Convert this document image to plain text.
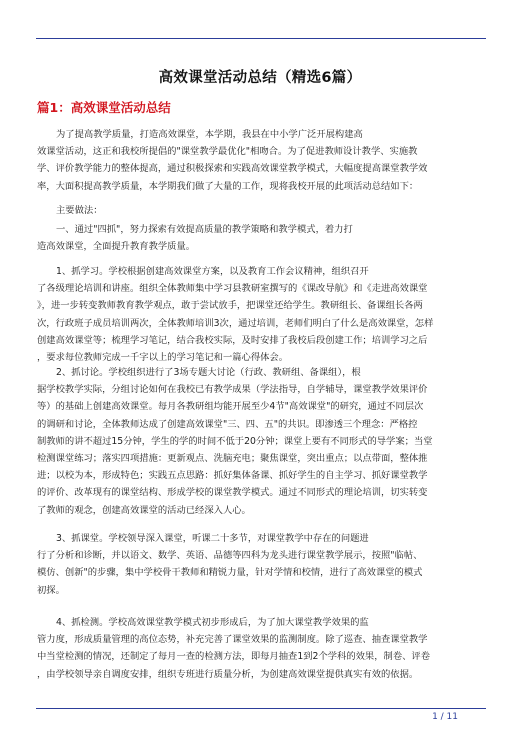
高效课堂活动总结（精选6篇）
篇1：高效课堂活动总结
为了提高教学质量，打造高效课堂，本学期，我县在中小学广泛开展构建高
效课堂活动，这正和我校所提倡的"课堂教学最优化"相吻合。为了促进教师设计教学、实施教
学、评价教学能力的整体提高，通过积极探索和实践高效课堂教学模式，大幅度提高课堂教学效
率，大面积提高教学质量，本学期我们做了大量的工作，现将我校开展的此项活动总结如下：
主要做法：
一、通过"四抓"，努力探索有效提高质量的教学策略和教学模式，着力打
造高效课堂，全面提升教育教学质量。
1、抓学习。学校根据创建高效课堂方案，以及教育工作会议精神，组织召开
了各级理论培训和讲座。组织全体教师集中学习县教研室撰写的《课改导航》和《走进高效课堂
》，进一步转变教师教育教学观点，敢于尝试放手，把课堂还给学生。教研组长、备课组长各两
次，行政班子成员培训两次，全体教师培训3次，通过培训，老师们明白了什么是高效课堂，怎样
创建高效课堂等；梳理学习笔记，结合我校实际，及时安排了我校后段创建工作；培训学习之后
，要求每位教师完成一千字以上的学习笔记和一篇心得体会。
2、抓讨论。学校组织进行了3场专题大讨论（行政、教研组、备课组），根
据学校教学实际，分组讨论如何在我校已有教学成果（学法指导，自学辅导，课堂教学效果评价
等）的基础上创建高效课堂。每月各教研组均能开展至少4节"高效课堂"的研究，通过不同层次
的调研和讨论，全体教师达成了创建高效课堂"三、四、五"的共识。即渗透三个理念：严格控
制教师的讲不超过15分钟，学生的学的时间不低于20分钟；课堂上要有不同形式的导学案；当堂
检测课堂练习；落实四项措施：更新观点、洗脑充电；聚焦课堂，突出重点；以点带面，整体推
进；以校为本，形成特色；实践五点思路：抓好集体备课、抓好学生的自主学习、抓好课堂教学
的评价、改革现有的课堂结构、形成学校的课堂教学模式。通过不同形式的理论培训，切实转变
了教师的观念，创建高效课堂的活动已经深入人心。
3、抓课堂。学校领导深入课堂，听课二十多节，对课堂教学中存在的问题进
行了分析和诊断，并以语文、数学、英语、品德等四科为龙头进行课堂教学展示，按照"临帖、
模仿、创新"的步骤，集中学校骨干教师和精锐力量，针对学情和校情，进行了高效课堂的模式
初探。
4、抓检测。学校高效课堂教学模式初步形成后，为了加大课堂教学效果的监
管力度，形成质量管理的高位态势，补充完善了课堂效果的监测制度。除了巡查、抽查课堂教学
中当堂检测的情况，还制定了每月一查的检测方法，即每月抽查1到2个学科的效果，制卷、评卷
，由学校领导亲自调度安排，组织专班进行质量分析，为创建高效课堂提供真实有效的依据。
1 / 11
